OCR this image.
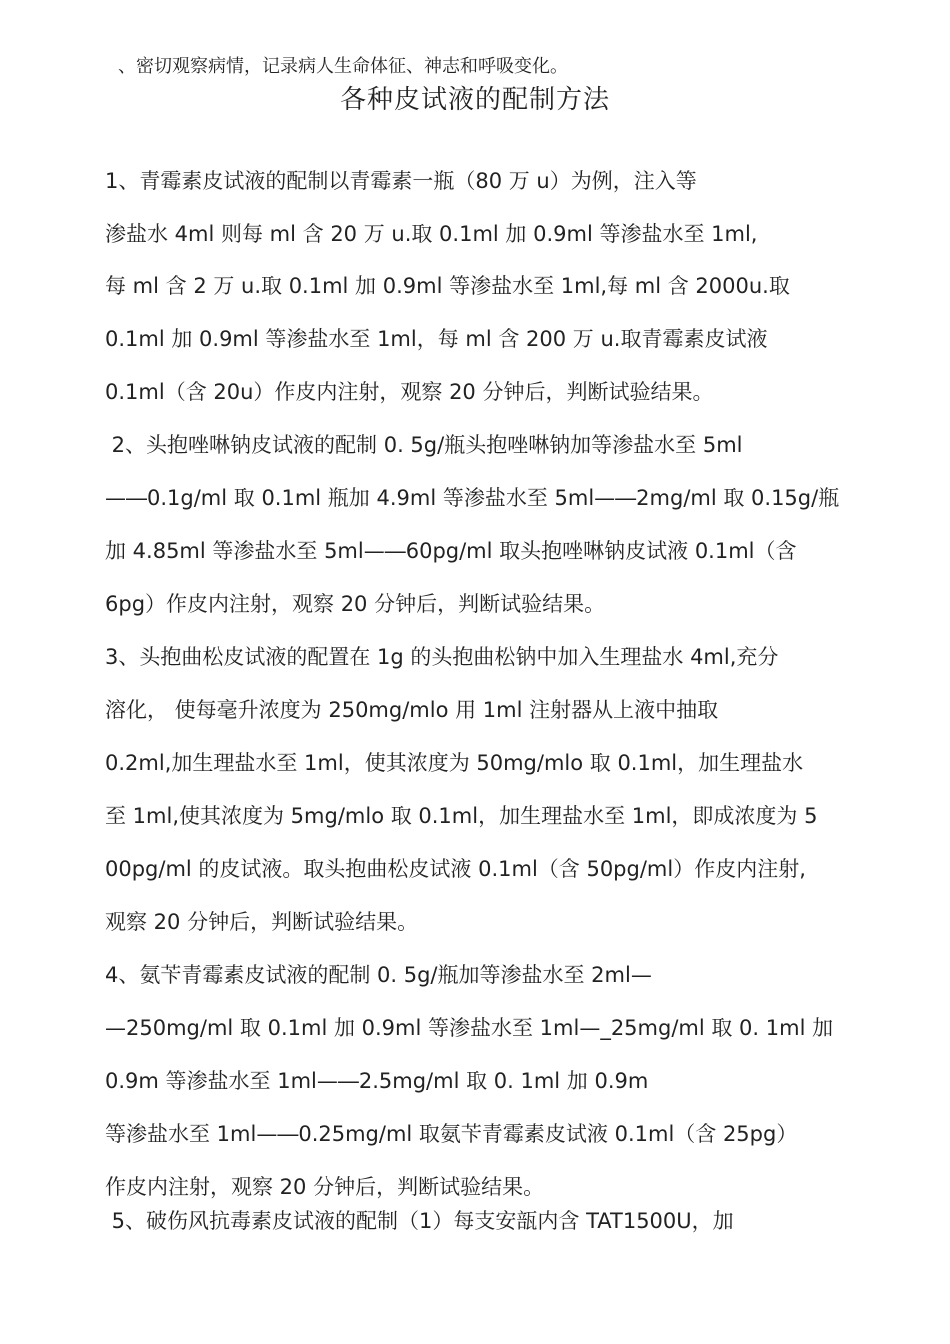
、密切观察病情，记录病人生命体征、神志和呼吸变化。
各种皮试液的配制方法
1、青霉素皮试液的配制以青霉素一瓶（80 万 u）为例，注入等
渗盐水 4ml 则每 ml 含 20 万 u.取 0.1ml 加 0.9ml 等渗盐水至 1ml,
每 ml 含 2 万 u.取 0.1ml 加 0.9ml 等渗盐水至 1ml,每 ml 含 2000u.取
0.1ml 加 0.9ml 等渗盐水至 1ml，每 ml 含 200 万 u.取青霉素皮试液
0.1ml（含 20u）作皮内注射，观察 20 分钟后，判断试验结果。
2、头抱唑啉钠皮试液的配制 0. 5g/瓶头抱唑啉钠加等渗盐水至 5ml
—―0.1g/ml 取 0.1ml 瓶加 4.9ml 等渗盐水至 5ml—―2mg/ml 取 0.15g/瓶
加 4.85ml 等渗盐水至 5ml—―60pg/ml 取头抱唑啉钠皮试液 0.1ml（含
6pg）作皮内注射，观察 20 分钟后，判断试验结果。
3、头抱曲松皮试液的配置在 1g 的头抱曲松钠中加入生理盐水 4ml,充分
溶化， 使每毫升浓度为 250mg/mlo 用 1ml 注射器从上液中抽取
0.2ml,加生理盐水至 1ml，使其浓度为 50mg/mlo 取 0.1ml，加生理盐水
至 1ml,使其浓度为 5mg/mlo 取 0.1ml，加生理盐水至 1ml，即成浓度为 5
00pg/ml 的皮试液。取头抱曲松皮试液 0.1ml（含 50pg/ml）作皮内注射,
观察 20 分钟后，判断试验结果。
4、氨苄青霉素皮试液的配制 0. 5g/瓶加等渗盐水至 2ml—
—250mg/ml 取 0.1ml 加 0.9ml 等渗盐水至 1ml—_25mg/ml 取 0. 1ml 加
0.9m 等渗盐水至 1ml—―2.5mg/ml 取 0. 1ml 加 0.9m
等渗盐水至 1ml—―0.25mg/ml 取氨苄青霉素皮试液 0.1ml（含 25pg）
作皮内注射，观察 20 分钟后，判断试验结果。
5、破伤风抗毒素皮试液的配制（1）每支安瓿内含 TAT1500U，加
